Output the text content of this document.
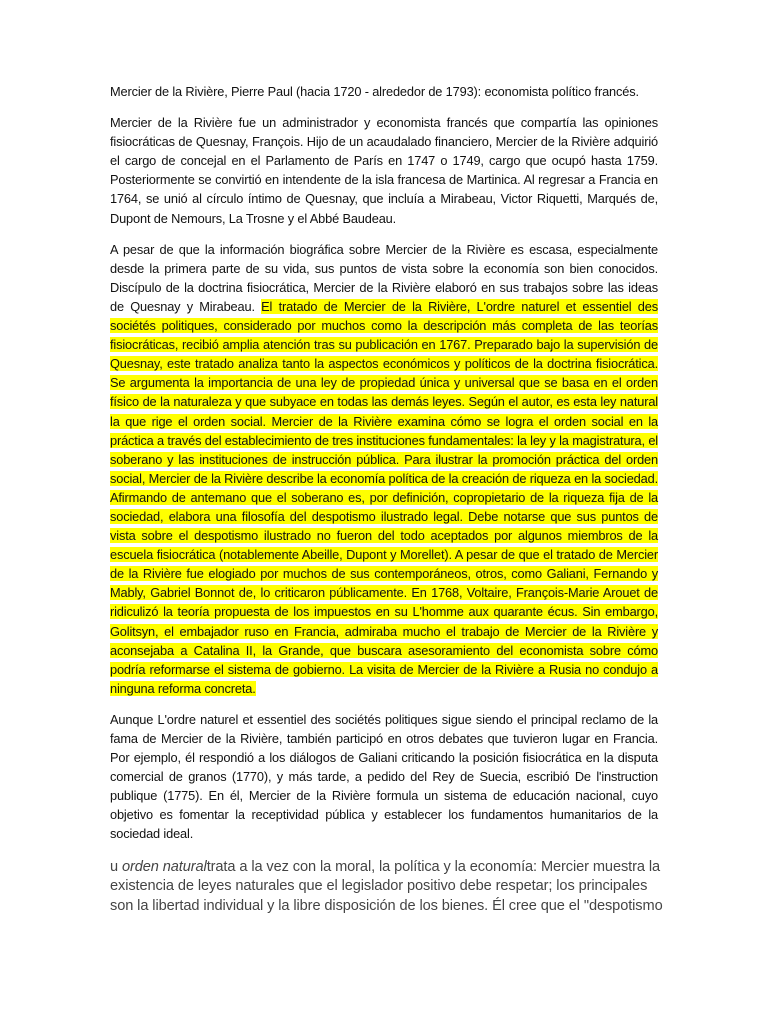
Mercier de la Rivière, Pierre Paul (hacia 1720 - alrededor de 1793): economista político francés.

Mercier de la Rivière fue un administrador y economista francés que compartía las opiniones fisiocráticas de Quesnay, François. Hijo de un acaudalado financiero, Mercier de la Rivière adquirió el cargo de concejal en el Parlamento de París en 1747 o 1749, cargo que ocupó hasta 1759. Posteriormente se convirtió en intendente de la isla francesa de Martinica. Al regresar a Francia en 1764, se unió al círculo íntimo de Quesnay, que incluía a Mirabeau, Victor Riquetti, Marqués de, Dupont de Nemours, La Trosne y el Abbé Baudeau.

A pesar de que la información biográfica sobre Mercier de la Rivière es escasa, especialmente desde la primera parte de su vida, sus puntos de vista sobre la economía son bien conocidos. Discípulo de la doctrina fisiocrática, Mercier de la Rivière elaboró en sus trabajos sobre las ideas de Quesnay y Mirabeau. El tratado de Mercier de la Rivière, L'ordre naturel et essentiel des sociétés politiques, considerado por muchos como la descripción más completa de las teorías fisiocráticas, recibió amplia atención tras su publicación en 1767. Preparado bajo la supervisión de Quesnay, este tratado analiza tanto la aspectos económicos y políticos de la doctrina fisiocrática. Se argumenta la importancia de una ley de propiedad única y universal que se basa en el orden físico de la naturaleza y que subyace en todas las demás leyes. Según el autor, es esta ley natural la que rige el orden social. Mercier de la Rivière examina cómo se logra el orden social en la práctica a través del establecimiento de tres instituciones fundamentales: la ley y la magistratura, el soberano y las instituciones de instrucción pública. Para ilustrar la promoción práctica del orden social, Mercier de la Rivière describe la economía política de la creación de riqueza en la sociedad. Afirmando de antemano que el soberano es, por definición, copropietario de la riqueza fija de la sociedad, elabora una filosofía del despotismo ilustrado legal. Debe notarse que sus puntos de vista sobre el despotismo ilustrado no fueron del todo aceptados por algunos miembros de la escuela fisiocrática (notablemente Abeille, Dupont y Morellet). A pesar de que el tratado de Mercier de la Rivière fue elogiado por muchos de sus contemporáneos, otros, como Galiani, Fernando y Mably, Gabriel Bonnot de, lo criticaron públicamente. En 1768, Voltaire, François-Marie Arouet de ridiculizó la teoría propuesta de los impuestos en su L'homme aux quarante écus. Sin embargo, Golitsyn, el embajador ruso en Francia, admiraba mucho el trabajo de Mercier de la Rivière y aconsejaba a Catalina II, la Grande, que buscara asesoramiento del economista sobre cómo podría reformarse el sistema de gobierno. La visita de Mercier de la Rivière a Rusia no condujo a ninguna reforma concreta.

Aunque L'ordre naturel et essentiel des sociétés politiques sigue siendo el principal reclamo de la fama de Mercier de la Rivière, también participó en otros debates que tuvieron lugar en Francia. Por ejemplo, él respondió a los diálogos de Galiani criticando la posición fisiocrática en la disputa comercial de granos (1770), y más tarde, a pedido del Rey de Suecia, escribió De l'instruction publique (1775). En él, Mercier de la Rivière formula un sistema de educación nacional, cuyo objetivo es fomentar la receptividad pública y establecer los fundamentos humanitarios de la sociedad ideal.

u orden naturaltrata a la vez con la moral, la política y la economía: Mercier muestra la existencia de leyes naturales que el legislador positivo debe respetar; los principales son la libertad individual y la libre disposición de los bienes. Él cree que el "despotismo
